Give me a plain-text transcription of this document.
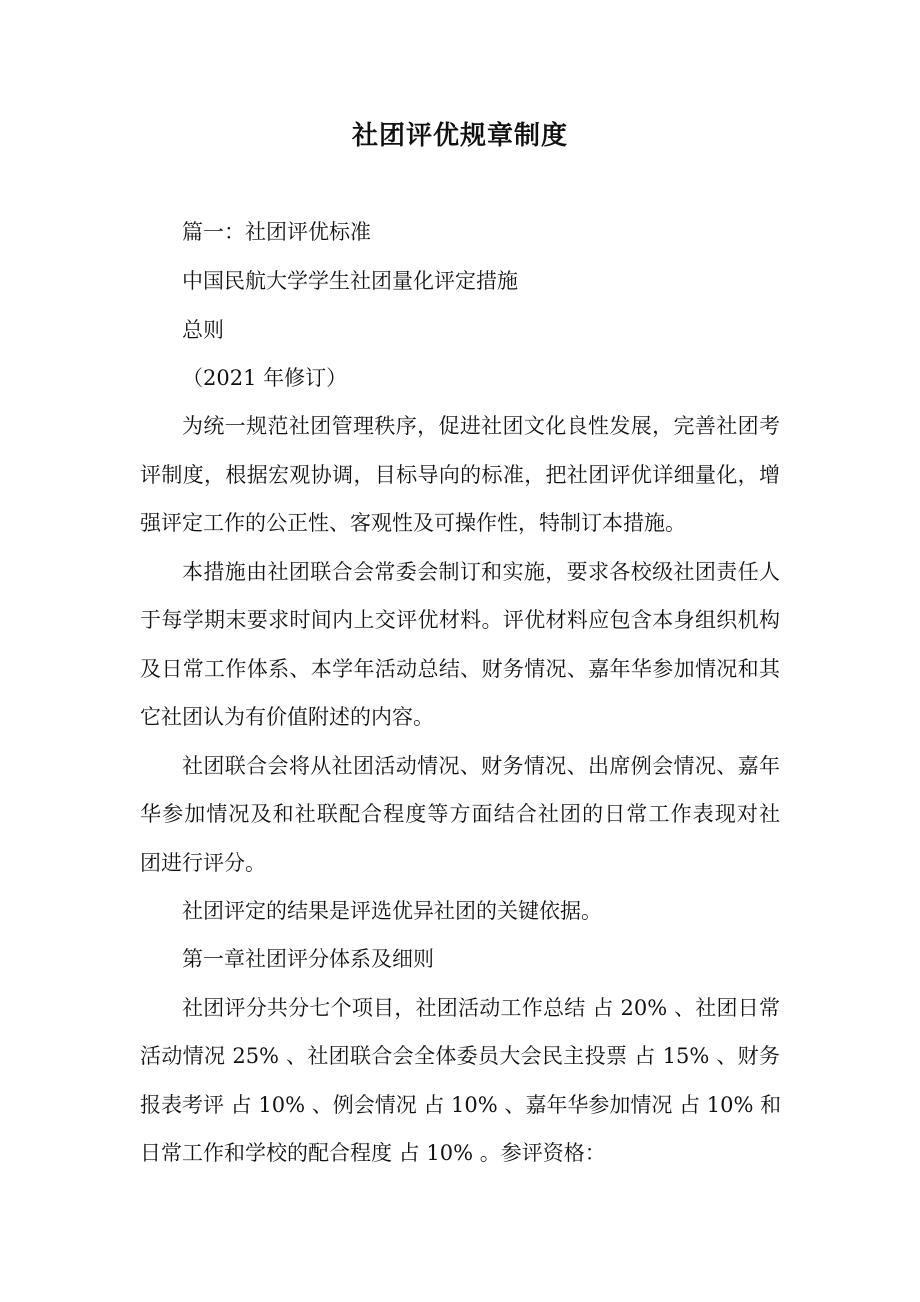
社团评优规章制度

篇一：社团评优标准

中国民航大学学生社团量化评定措施

总则

（2021 年修订）

为统一规范社团管理秩序，促进社团文化良性发展，完善社团考

评制度，根据宏观协调，目标导向的标准，把社团评优详细量化，增

强评定工作的公正性、客观性及可操作性，特制订本措施。

本措施由社团联合会常委会制订和实施，要求各校级社团责任人

于每学期末要求时间内上交评优材料。评优材料应包含本身组织机构

及日常工作体系、本学年活动总结、财务情况、嘉年华参加情况和其

它社团认为有价值附述的内容。

社团联合会将从社团活动情况、财务情况、出席例会情况、嘉年

华参加情况及和社联配合程度等方面结合社团的日常工作表现对社

团进行评分。

社团评定的结果是评选优异社团的关键依据。

第一章社团评分体系及细则

社团评分共分七个项目，社团活动工作总结 占 20% 、社团日常

活动情况 25% 、社团联合会全体委员大会民主投票 占 15% 、财务

报表考评 占 10% 、例会情况 占 10% 、嘉年华参加情况 占 10% 和

日常工作和学校的配合程度 占 10% 。参评资格：
